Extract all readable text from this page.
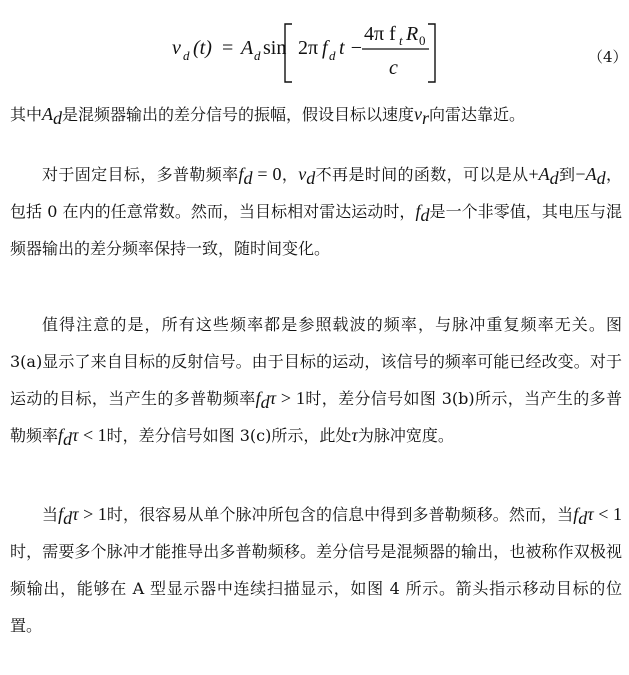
v d (t) = A d sin 2π f d t −
4π f t R 0
c	（4）
其中$A_d$是混频器输出的差分信号的振幅，假设目标以速度$v_r$向雷达靠近。
对于固定目标，多普勒频率$f_d = 0$，$v_d$不再是时间的函数，可以是从$+A_d$到$-A_d$，包括 0 在内的任意常数。然而，当目标相对雷达运动时，$f_d$是一个非零值，其电压与混频器输出的差分频率保持一致，随时间变化。
值得注意的是，所有这些频率都是参照载波的频率，与脉冲重复频率无关。图 3(a)显示了来自目标的反射信号。由于目标的运动，该信号的频率可能已经改变。对于运动的目标，当产生的多普勒频率$f_d\tau > 1$时，差分信号如图 3(b)所示，当产生的多普勒频率$f_d\tau < 1$时，差分信号如图 3(c)所示，此处τ为脉冲宽度。
当$f_d\tau > 1$时，很容易从单个脉冲所包含的信息中得到多普勒频移。然而，当$f_d\tau < 1$时，需要多个脉冲才能推导出多普勒频移。差分信号是混频器的输出，也被称作双极视频输出，能够在 A 型显示器中连续扫描显示，如图 4 所示。箭头指示移动目标的位置。
